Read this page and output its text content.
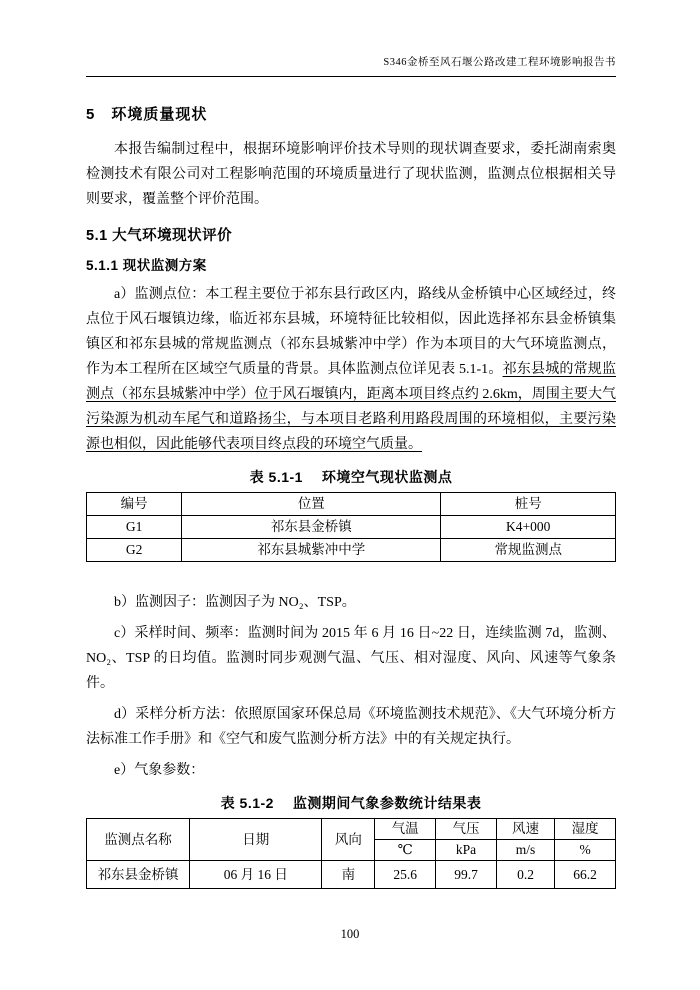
S346金桥至风石堰公路改建工程环境影响报告书
5　环境质量现状

本报告编制过程中，根据环境影响评价技术导则的现状调查要求，委托湖南索奥检测技术有限公司对工程影响范围的环境质量进行了现状监测，监测点位根据相关导则要求，覆盖整个评价范围。

5.1 大气环境现状评价
5.1.1 现状监测方案

a）监测点位：本工程主要位于祁东县行政区内，路线从金桥镇中心区域经过，终点位于风石堰镇边缘，临近祁东县城，环境特征比较相似，因此选择祁东县金桥镇集镇区和祁东县城的常规监测点（祁东县城紫冲中学）作为本项目的大气环境监测点，作为本工程所在区域空气质量的背景。具体监测点位详见表 5.1-1。祁东县城的常规监测点（祁东县城紫冲中学）位于风石堰镇内，距离本项目终点约 2.6km，周围主要大气污染源为机动车尾气和道路扬尘，与本项目老路利用路段周围的环境相似，主要污染源也相似，因此能够代表项目终点段的环境空气质量。

表 5.1-1　 环境空气现状监测点
编号	位置	桩号
G1	祁东县金桥镇	K4+000
G2	祁东县城紫冲中学	常规监测点

b）监测因子：监测因子为 NO₂、TSP。

c）采样时间、频率：监测时间为 2015 年 6 月 16 日~22 日，连续监测 7d，监测、NO₂、TSP 的日均值。监测时同步观测气温、气压、相对湿度、风向、风速等气象条件。

d）采样分析方法：依照原国家环保总局《环境监测技术规范》、《大气环境分析方法标准工作手册》和《空气和废气监测分析方法》中的有关规定执行。

e）气象参数：

表 5.1-2　 监测期间气象参数统计结果表
监测点名称	日期	风向	气温	气压	风速	湿度
			℃	kPa	m/s	%
祁东县金桥镇	06 月 16 日	南	25.6	99.7	0.2	66.2
100
